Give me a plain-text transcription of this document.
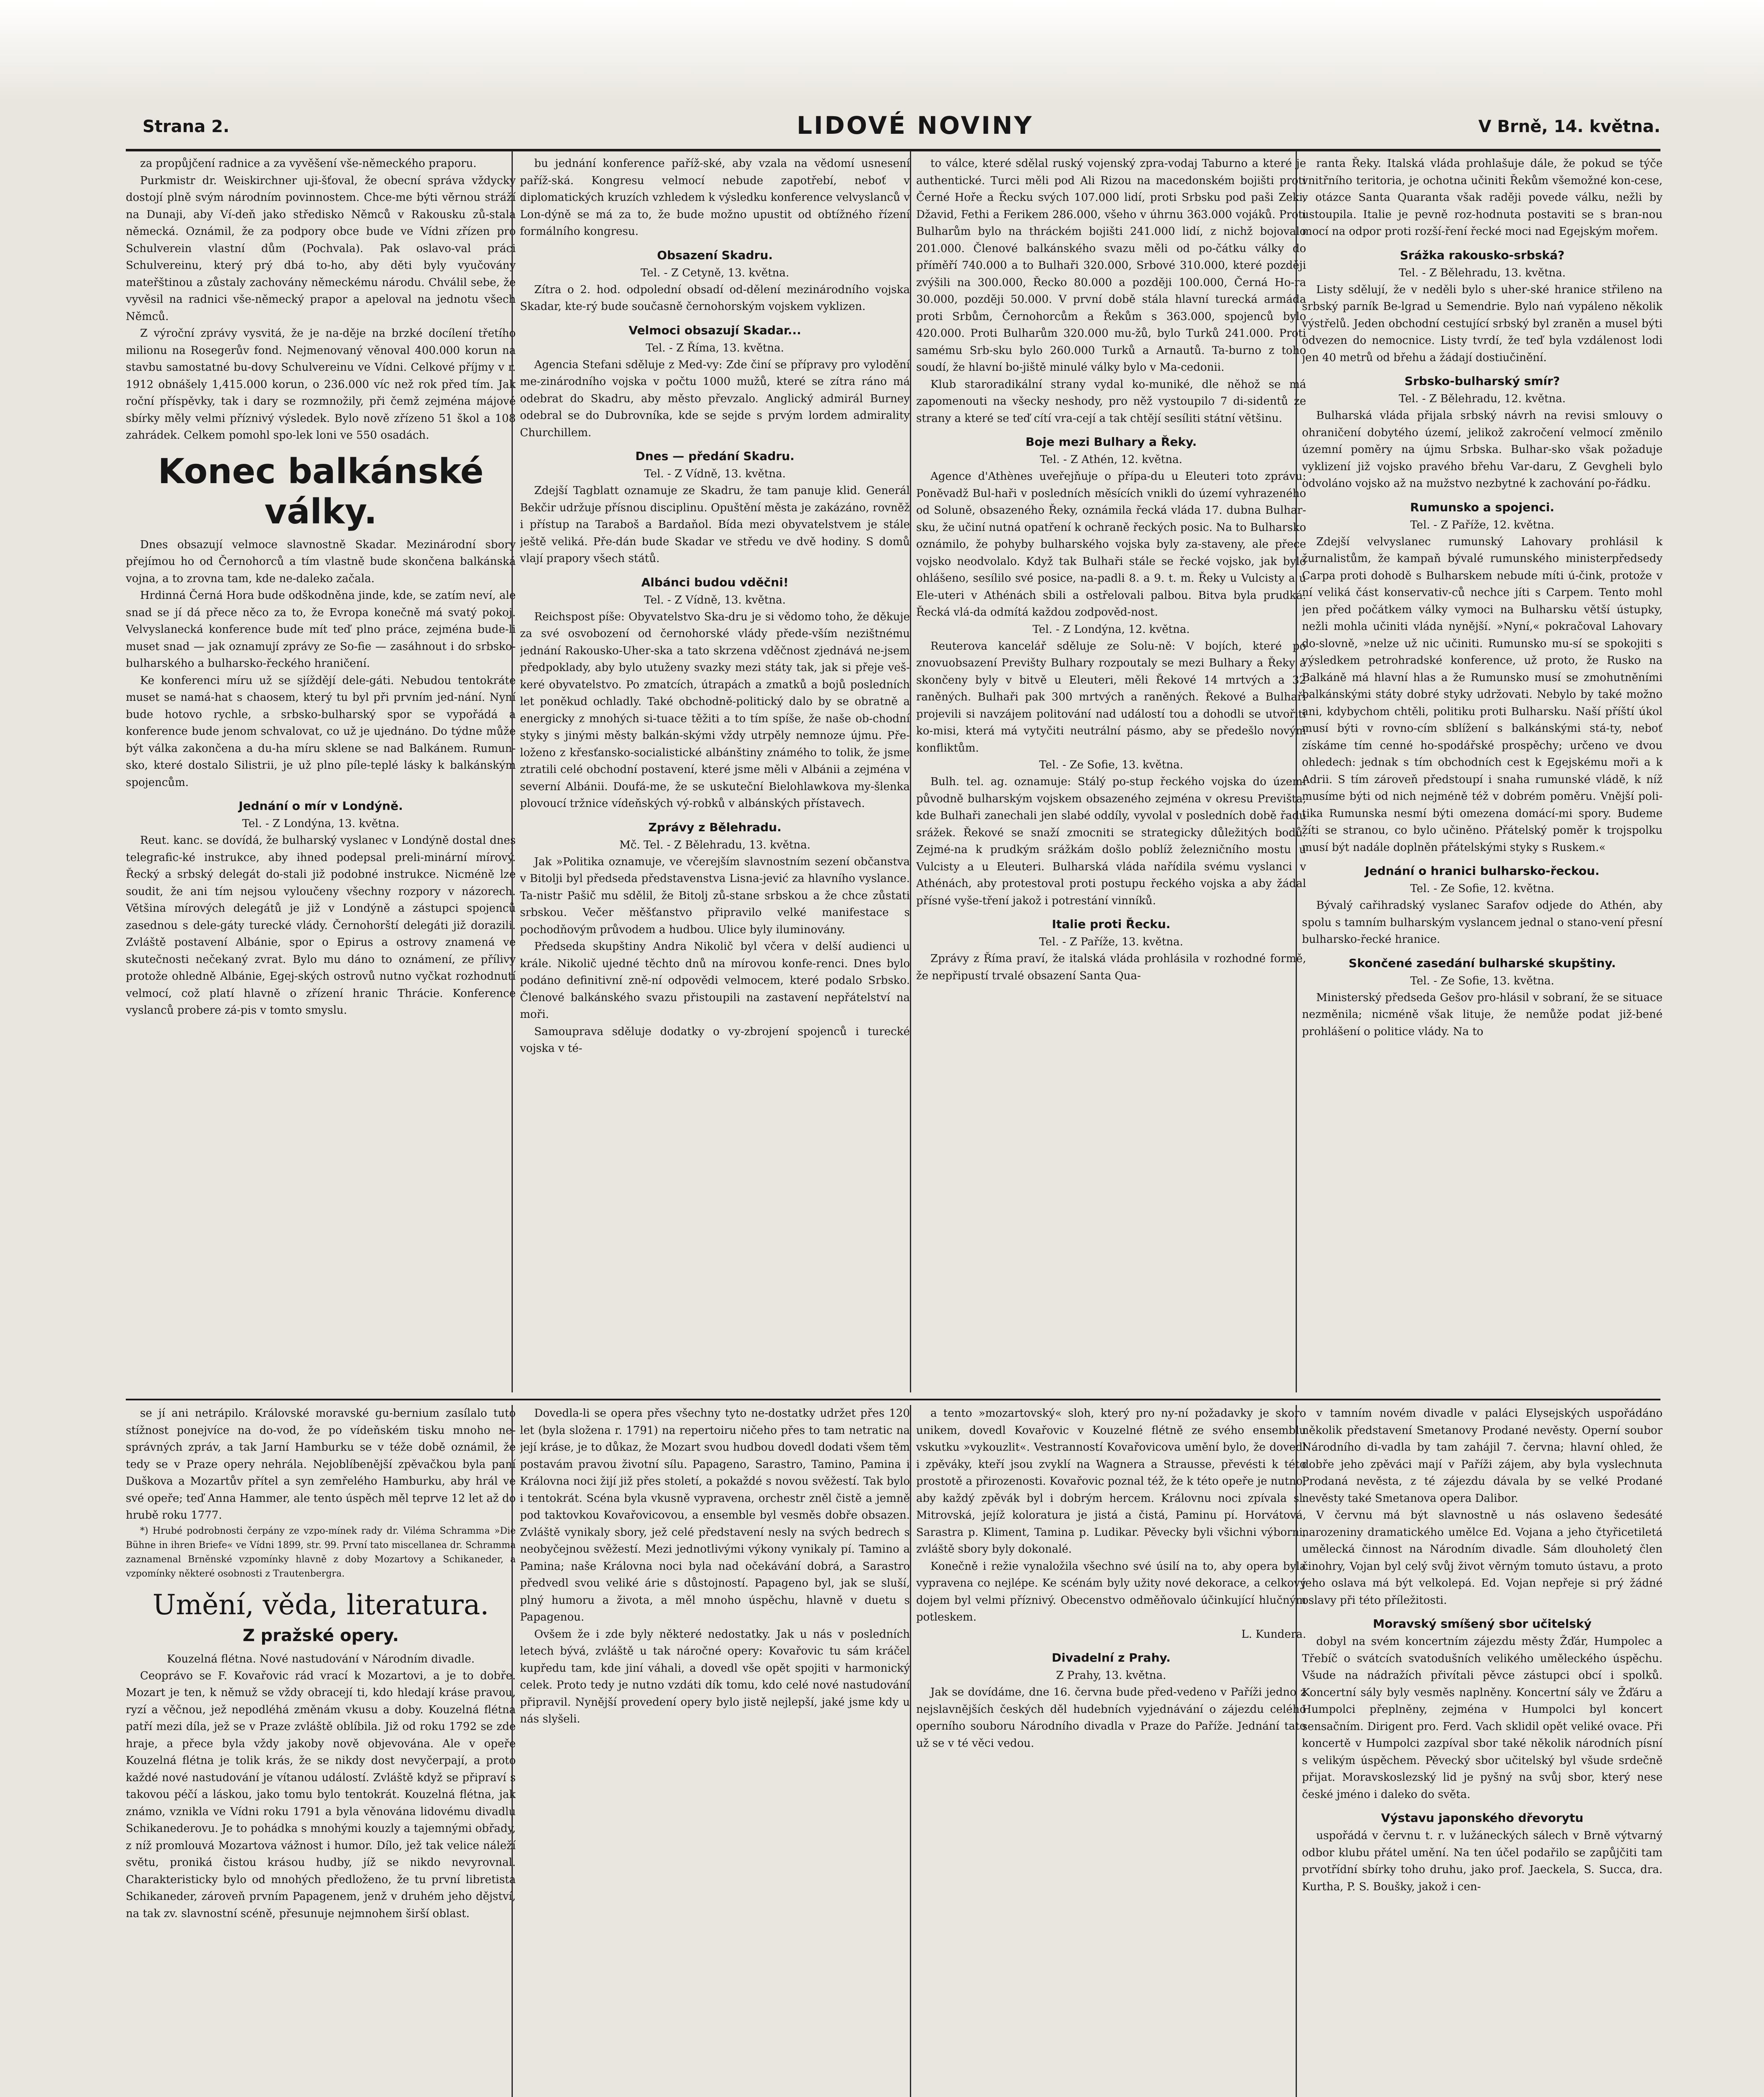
Strana 2.	LIDOVÉ NOVINY	V Brně, 14. května.

za propůjčení radnice a za vyvěšení vše-německého praporu.

Purkmistr dr. Weiskirchner uji-šťoval, že obecní správa vždycky dostojí plně svým národním povinnostem. Chce-me býti věrnou stráží na Dunaji, aby Ví-deň jako středisko Němců v Rakousku zů-stala německá. Oznámil, že za podpory obce bude ve Vídni zřízen pro Schulverein vlastní dům (Pochvala). Pak oslavo-val práci Schulvereinu, který prý dbá to-ho, aby děti byly vyučovány mateřštinou a zůstaly zachovány německému národu. Chválil sebe, že vyvěsil na radnici vše-německý prapor a apeloval na jednotu všech Němců.

Z výroční zprávy vysvitá, že je na-děje na brzké docílení třetího milionu na Rosegerův fond. Nejmenovaný věnoval 400.000 korun na stavbu samostatné bu-dovy Schulvereinu ve Vídni. Celkové příjmy v r. 1912 obnášely 1,415.000 korun, o 236.000 víc než rok před tím. Jak roční příspěvky, tak i dary se rozmnožily, při čemž zejména májové sbírky měly velmi příznivý výsledek. Bylo nově zřízeno 51 škol a 108 zahrádek. Celkem pomohl spo-lek loni ve 550 osadách.

Konec balkánské války.

Dnes obsazují velmoce slavnostně Skadar. Mezinárodní sbory přejímou ho od Černohorců a tím vlastně bude skončena balkánská vojna, a to zrovna tam, kde ne-daleko začala.

Hrdinná Černá Hora bude odškodněna jinde, kde, se zatím neví, ale snad se jí dá přece něco za to, že Evropa konečně má svatý pokoj. Velvyslanecká konference bude mít teď plno práce, zejména bude-li muset snad — jak oznamují zprávy ze So-fie — zasáhnout i do srbsko-bulharského a bulharsko-řeckého hraničení.

Ke konferenci míru už se sjíždějí dele-gáti. Nebudou tentokráte muset se namá-hat s chaosem, který tu byl při prvním jed-nání. Nyní bude hotovo rychle, a srbsko-bulharský spor se vypořádá a konference bude jenom schvalovat, co už je ujednáno. Do týdne může být válka zakončena a du-ha míru sklene se nad Balkánem. Rumun-sko, které dostalo Silistrii, je už plno píle-teplé lásky k balkánským spojencům.

Jednání o mír v Londýně.
Tel. - Z Londýna, 13. května.

Reut. kanc. se dovídá, že bulharský vyslanec v Londýně dostal dnes telegrafic-ké instrukce, aby ihned podepsal preli-minární mírový. Řecký a srbský delegát do-stali již podobné instrukce. Nicméně lze soudit, že ani tím nejsou vyloučeny všechny rozpory v názorech. Většina mírových delegátů je již v Londýně a zástupci spojenců zasednou s dele-gáty turecké vlády. Černohorští delegáti již dorazili. Zvláště postavení Albánie, spor o Epirus a ostrovy znamená ve skutečnosti nečekaný zvrat. Bylo mu dáno to oznámení, ze přílivy protože ohledně Albánie, Egej-ských ostrovů nutno vyčkat rozhodnutí velmocí, což platí hlavně o zřízení hranic Thrácie. Konference vyslanců probere zá-pis v tomto smyslu.

bu jednání konference paříž-ské, aby vzala na vědomí usnesení paříž-ská. Kongresu velmocí nebude zapotřebí, neboť v diplomatických kruzích vzhledem k výsledku konference velvyslanců v Lon-dýně se má za to, že bude možno upustit od obtížného řízení formálního kongresu.

Obsazení Skadru.
Tel. - Z Cetyně, 13. května.

Zítra o 2. hod. odpolední obsadí od-dělení mezinárodního vojska Skadar, kte-rý bude současně černohorským vojskem vyklizen.

Velmoci obsazují Skadar...
Tel. - Z Říma, 13. května.

Agencia Stefani sděluje z Med-vy: Zde činí se přípravy pro vylodění me-zinárodního vojska v počtu 1000 mužů, které se zítra ráno má odebrat do Skadru, aby město převzalo. Anglický admirál Burney odebral se do Dubrovníka, kde se sejde s prvým lordem admirality Churchillem.

Dnes — předání Skadru.
Tel. - Z Vídně, 13. května.

Zdejší Tagblatt oznamuje ze Skadru, že tam panuje klid. Generál Bekčir udržuje přísnou disciplinu. Opuštění města je zakázáno, rovněž i přístup na Taraboš a Bardaňol. Bída mezi obyvatelstvem je stále ještě veliká. Pře-dán bude Skadar ve středu ve dvě hodiny. S domů vlají prapory všech států.

Albánci budou vděčni!
Tel. - Z Vídně, 13. května.

Reichspost píše: Obyvatelstvo Ska-dru je si vědomo toho, že děkuje za své osvobození od černohorské vlády přede-vším nezištnému jednání Rakousko-Uher-ska a tato skrzena vděčnost zjednává ne-jsem předpoklady, aby bylo utuženy svazky mezi státy tak, jak si přeje veš-keré obyvatelstvo. Po zmatcích, útrapách a zmatků a bojů posledních let poněkud ochladly. Také obchodně-politický dalo by se obratně a energicky z mnohých si-tuace těžiti a to tím spíše, že naše ob-chodní styky s jinými městy balkán-skými vždy utrpěly nemnoze újmu. Pře-loženo z křesťansko-socialistické albánštiny známého to tolik, že jsme ztratili celé obchodní postavení, které jsme měli v Albánii a zejména v severní Albánii. Doufá-me, že se uskuteční Bielohlawkova my-šlenka plovoucí tržnice vídeňských vý-robků v albánských přístavech.

Zprávy z Bělehradu.
Mč. Tel. - Z Bělehradu, 13. května.

Jak »Politika oznamuje, ve včerejším slavnostním sezení občanstva v Bitolji byl předseda představenstva Lisna-jević za hlavního vyslance. Ta-nistr Pašič mu sdělil, že Bitolj zů-stane srbskou a že chce zůstati srbskou. Večer měšťanstvo připravilo velké manifestace s pochodňovým průvodem a hudbou. Ulice byly iluminovány.

Předseda skupštiny Andra Nikolič byl včera v delší audienci u krále. Nikolič ujedné těchto dnů na mírovou konfe-renci. Dnes bylo podáno definitivní zně-ní odpovědi velmocem, které podalo Srbsko. Členové balkánského svazu přistoupili na zastavení nepřátelství na moři.

Samouprava sděluje dodatky o vy-zbrojení spojenců i turecké vojska v té-

to válce, které sdělal ruský vojenský zpra-vodaj Taburno a které je authentické. Turci měli pod Ali Rizou na macedonském bojišti proti Černé Hoře a Řecku svých 107.000 lidí, proti Srbsku pod paši Zeki, Džavid, Fethi a Ferikem 286.000, všeho v úhrnu 363.000 vojáků. Proti Bulharům bylo na thráckém bojišti 241.000 lidí, z nichž bojovalo 201.000. Členové balkánského svazu měli od po-čátku války do příměří 740.000 a to Bulhaři 320.000, Srbové 310.000, které později zvýšili na 300.000, Řecko 80.000 a později 100.000, Černá Ho-ra 30.000, později 50.000. V první době stála hlavní turecká armáda proti Srbům, Černohorcům a Řekům s 363.000, spojenců bylo 420.000. Proti Bulharům 320.000 mu-žů, bylo Turků 241.000. Proti samému Srb-sku bylo 260.000 Turků a Arnautů. Ta-burno z toho soudí, že hlavní bo-jiště minulé války bylo v Ma-cedonii.

Klub staroradikální strany vydal ko-muniké, dle něhož se má zapomenouti na všecky neshody, pro něž vystoupilo 7 di-sidentů ze strany a které se teď cítí vra-cejí a tak chtějí sesíliti státní většinu.

Boje mezi Bulhary a Řeky.
Tel. - Z Athén, 12. května.

Agence d'Athènes uveřejňuje o přípa-du u Eleuteri toto zprávu: Poněvadž Bul-haři v posledních měsících vnikli do území vyhrazeného od Soluně, obsazeného Řeky, oznámila řecká vláda 17. dubna Bulhar-sku, že učiní nutná opatření k ochraně řeckých posic. Na to Bulharsko oznámilo, že pohyby bulharského vojska byly za-staveny, ale přece vojsko neodvolalo. Když tak Bulhaři stále se řecké vojsko, jak bylo ohlášeno, sesílilo své posice, na-padli 8. a 9. t. m. Řeky u Vulcisty a u Ele-uteri v Athénách sbili a ostřelovali palbou. Bitva byla prudká. Řecká vlá-da odmítá každou zodpověd-nost.

Tel. - Z Londýna, 12. května.

Reuterova kancelář sděluje ze Solu-ně: V bojích, které po znovuobsazení Previšty Bulhary rozpoutaly se mezi Bulhary a Řeky a skončeny byly v bitvě u Eleuteri, měli Řekové 14 mrtvých a 32 raněných. Bulhaři pak 300 mrtvých a raněných. Řekové a Bulhaři projevili si navzájem politování nad událostí tou a dohodli se utvořiti ko-misi, která má vytyčiti neutrální pásmo, aby se předešlo novým konfliktům.

Tel. - Ze Sofie, 13. května.

Bulh. tel. ag. oznamuje: Stálý po-stup řeckého vojska do území původně bulharským vojskem obsazeného zejména v okresu Previšta, kde Bulhaři zanechali jen slabé oddíly, vyvolal v posledních době řadu srážek. Řekové se snaží zmocniti se strategicky důležitých bodů. Zejmé-na k prudkým srážkám došlo poblíž železničního mostu u Vulcisty a u Eleuteri. Bulharská vláda nařídila svému vyslanci v Athénách, aby protestoval proti postupu řeckého vojska a aby žádal přísné vyše-tření jakož i potrestání vinníků.

Italie proti Řecku.
Tel. - Z Paříže, 13. května.

Zprávy z Říma praví, že italská vláda prohlásila v rozhodné formě, že nepřipustí trvalé obsazení Santa Qua-

ranta Řeky. Italská vláda prohlašuje dále, že pokud se týče vnitřního teritoria, je ochotna učiniti Řekům všemožné kon-cese, v otázce Santa Quaranta však raději povede válku, nežli by ustoupila. Italie je pevně roz-hodnuta postaviti se s bran-nou mocí na odpor proti rozší-ření řecké moci nad Egejským mořem.

Srážka rakousko-srbská?
Tel. - Z Bělehradu, 13. května.

Listy sdělují, že v neděli bylo s uher-ské hranice střileno na srbský parník Be-lgrad u Semendrie. Bylo nań vypáleno několik výstřelů. Jeden obchodní cestující srbský byl zraněn a musel býti odvezen do nemocnice. Listy tvrdí, že teď byla vzdálenost lodi jen 40 metrů od břehu a žádají dostiučinění.

Srbsko-bulharský smír?
Tel. - Z Bělehradu, 12. května.

Bulharská vláda přijala srbský návrh na revisi smlouvy o ohraničení dobytého území, jelikož zakročení velmocí změnilo územní poměry na újmu Srbska. Bulhar-sko však požaduje vyklizení již vojsko pravého břehu Var-daru, Z Gevgheli bylo odvoláno vojsko až na mužstvo nezbytné k zachování po-řádku.

Rumunsko a spojenci.
Tel. - Z Paříže, 12. května.

Zdejší velvyslanec rumunský Lahovary prohlásil k žurnalistům, že kampaň bývalé rumunského ministerpředsedy Carpa proti dohodě s Bulharskem nebude míti ú-čink, protože v ní veliká část konservativ-ců nechce jíti s Carpem. Tento mohl jen před počátkem války vymoci na Bulharsku větší ústupky, nežli mohla učiniti vláda nynější. »Nyní,« pokračoval Lahovary do-slovně, »nelze už nic učiniti. Rumunsko mu-sí se spokojiti s výsledkem petrohradské konference, už proto, že Rusko na Balkáně má hlavní hlas a že Rumunsko musí se zmohutněními balkánskými státy dobré styky udržovati. Nebylo by také možno ani, kdybychom chtěli, politiku proti Bulharsku. Naší příští úkol musí býti v rovno-cím sblížení s balkánskými stá-ty, neboť získáme tím cenné ho-spodářské prospěchy; určeno ve dvou ohledech: jednak s tím obchodních cest k Egejskému moři a k Adrii. S tím zároveň předstoupí i snaha rumunské vládě, k níž musíme býti od nich nejméně též v dobrém poměru. Vnější poli-tika Rumunska nesmí býti omezena domácí-mi spory. Budeme žíti se stranou, co bylo učiněno. Přátelský poměr k trojspolku musí být nadále doplněn přátelskými styky s Ruskem.«

Jednání o hranici bulharsko-řeckou.
Tel. - Ze Sofie, 12. května.

Bývalý cařihradský vyslanec Sarafov odjede do Athén, aby spolu s tamním bulharským vyslancem jednal o stano-vení přesní bulharsko-řecké hranice.

Skončené zasedání bulharské skupštiny.
Tel. - Ze Sofie, 13. května.

Ministerský předseda Gešov pro-hlásil v sobraní, že se situace nezměnila; nicméně však lituje, že nemůže podat již-bené prohlášení o politice vlády. Na to

se jí ani netrápilo. Královské moravské gu-bernium zasílalo tuto stížnost ponejvíce na do-vod, že po vídeňském tisku mnoho ne-správných zpráv, a tak Jarní Hamburku se v téže době oznámil, že tedy se v Praze opery nehrála. Nejoblíbenější zpěvačkou byla paní Duškova a Mozartův přítel a syn zemřelého Hamburku, aby hrál ve své opeře; teď Anna Hammer, ale tento úspěch měl teprve 12 let až do hrubě roku 1777.

*) Hrubé podrobnosti čerpány ze vzpo-mínek rady dr. Viléma Schramma »Die Bühne in ihren Briefe« ve Vídni 1899, str. 99. První tato miscellanea dr. Schramma zaznamenal Brněnské vzpomínky hlavně z doby Mozartovy a Schikaneder, a vzpomínky některé osobnosti z Trautenbergra.

Umění, věda, literatura.
Z pražské opery.
Kouzelná flétna. Nové nastudování v Národním divadle.

Ceoprávo se F. Kovařovic rád vrací k Mozartovi, a je to dobře. Mozart je ten, k němuž se vždy obracejí ti, kdo hledají kráse pravou, ryzí a věčnou, jež nepodléhá změnám vkusu a doby. Kouzelná flétna patří mezi díla, jež se v Praze zvláště oblíbila. Již od roku 1792 se zde hraje, a přece byla vždy jakoby nově objevována. Ale v opeře Kouzelná flétna je tolik krás, že se nikdy dost nevyčerpají, a proto každé nové nastudování je vítanou událostí. Zvláště když se připraví s takovou péčí a láskou, jako tomu bylo tentokrát. Kouzelná flétna, jak známo, vznikla ve Vídni roku 1791 a byla věnována lidovému divadlu Schikanederovu. Je to pohádka s mnohými kouzly a tajemnými obřady, z níž promlouvá Mozartova vážnost i humor. Dílo, jež tak velice náleží světu, proniká čistou krásou hudby, jíž se nikdo nevyrovnal. Charakteristicky bylo od mnohých předloženo, že tu první libretista Schikaneder, zároveň prvním Papagenem, jenž v druhém jeho dějství, na tak zv. slavnostní scéně, přesunuje nejmnohem širší oblast.

Dovedla-li se opera přes všechny tyto ne-dostatky udržet přes 120 let (byla složena r. 1791) na repertoiru ničeho přes to tam netratic na její kráse, je to důkaz, že Mozart svou hudbou dovedl dodati všem těm postavám pravou životní sílu. Papageno, Sarastro, Tamino, Pamina i Královna noci žijí již přes století, a pokaždé s novou svěžestí. Tak bylo i tentokrát. Scéna byla vkusně vypravena, orchestr zněl čistě a jemně pod taktovkou Kovařovicovou, a ensemble byl vesměs dobře obsazen. Zvláště vynikaly sbory, jež celé představení nesly na svých bedrech s neobyčejnou svěžestí. Mezi jednotlivými výkony vynikaly pí. Tamino a Pamina; naše Královna noci byla nad očekávání dobrá, a Sarastro předvedl svou veliké árie s důstojností. Papageno byl, jak se sluší, plný humoru a života, a měl mnoho úspěchu, hlavně v duetu s Papagenou.

Ovšem že i zde byly některé nedostatky. Jak u nás v posledních letech bývá, zvláště u tak náročné opery: Kovařovic tu sám kráčel kupředu tam, kde jiní váhali, a dovedl vše opět spojiti v harmonický celek. Proto tedy je nutno vzdáti dík tomu, kdo celé nové nastudování připravil. Nynější provedení opery bylo jistě nejlepší, jaké jsme kdy u nás slyšeli.

a tento »mozartovský« sloh, který pro ny-ní požadavky je skoro unikem, dovedl Kovařovic v Kouzelné flétně ze svého ensemblu vskutku »vykouzlit«. Vestranností Kovařovicova umění bylo, že dovedl i zpěváky, kteří jsou zvyklí na Wagnera a Strausse, převésti k této prostotě a přirozenosti. Kovařovic poznal též, že k této opeře je nutno, aby každý zpěvák byl i dobrým hercem. Královnu noci zpívala sl. Mitrovská, jejíž koloratura je jistá a čistá, Paminu pí. Horvátová, Sarastra p. Kliment, Tamina p. Ludikar. Pěvecky byli všichni výborni, zvláště sbory byly dokonalé.

Konečně i režie vynaložila všechno své úsilí na to, aby opera byla vypravena co nejlépe. Ke scénám byly užity nové dekorace, a celkový dojem byl velmi příznivý. Obecenstvo odměňovalo účinkující hlučným potleskem.

L. Kundera.
Divadelní z Prahy.
Z Prahy, 13. května.

Jak se dovídáme, dne 16. června bude před-vedeno v Paříži jedno z nejslavnějších českých děl hudebních vyjednávání o zájezdu celého operního souboru Národního divadla v Praze do Paříže. Jednání tato už se v té věci vedou.

v tamním novém divadle v paláci Elysejských uspořádáno několik představení Smetanovy Prodané nevěsty. Operní soubor Národního di-vadla by tam zahájil 7. června; hlavní ohled, že dobře jeho zpěváci mají v Paříži zájem, aby byla vyslechnuta Prodaná nevěsta, z té zájezdu dávala by se velké Prodané nevěsty také Smetanova opera Dalibor.

V červnu má být slavnostně u nás oslaveno šedesáté narozeniny dramatického umělce Ed. Vojana a jeho čtyřicetiletá umělecká činnost na Národním divadle. Sám dlouholetý člen činohry, Vojan byl celý svůj život věrným tomuto ústavu, a proto jeho oslava má být velkolepá. Ed. Vojan nepřeje si prý žádné oslavy při této příležitosti.

Moravský smíšený sbor učitelský

dobyl na svém koncertním zájezdu městy Žďár, Humpolec a Třebíč o svátcích svatodušních velikého uměleckého úspěchu. Všude na nádražích přivítali pěvce zástupci obcí i spolků. Koncertní sály byly vesměs naplněny. Koncertní sály ve Žďáru a Humpolci přeplněny, zejména v Humpolci byl koncert sensačním. Dirigent pro. Ferd. Vach sklidil opět veliké ovace. Při koncertě v Humpolci zazpíval sbor také několik národních písní s velikým úspěchem. Pěvecký sbor učitelský byl všude srdečně přijat. Moravskoslezský lid je pyšný na svůj sbor, který nese české jméno i daleko do světa.

Výstavu japonského dřevorytu

uspořádá v červnu t. r. v lužáneckých sálech v Brně výtvarný odbor klubu přátel umění. Na ten účel podařilo se zapůjčiti tam prvotřídní sbírky toho druhu, jako prof. Jaeckela, S. Succa, dra. Kurtha, P. S. Boušky, jakož i cen-
